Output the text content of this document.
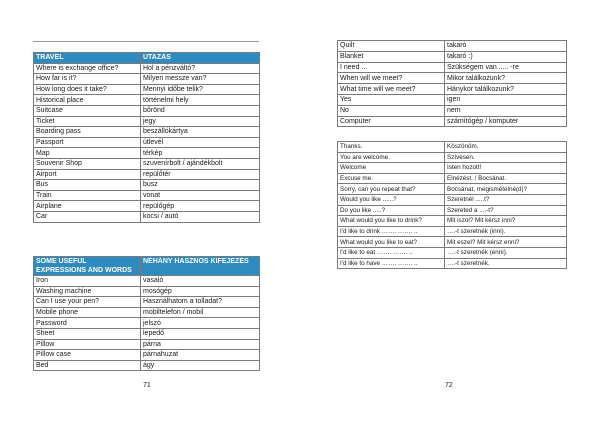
TRAVEL	UTAZÁS
Where is exchange office?	Hol a pénzváltó?
How far is it?	Milyen messze van?
How long does it take?	Mennyi időbe telik?
Historical place	történelmi hely
Suitcase	bőrönd
Ticket	jegy
Boarding pass	beszállókártya
Passport	útlevél
Map	térkép
Souvenir Shop	szuvenírbolt / ajándékbolt
Airport	repülőtér
Bus	busz
Train	vonat
Airplane	repülőgép
Car	kocsi / autó
SOME USEFUL EXPRESSIONS AND WORDS	NÉHÁNY HASZNOS KIFEJEZÉS
Iron	vasaló
Washing machine	mosógép
Can I use your pen?	Használhatom a tolladat?
Mobile phone	mobiltelefon / mobil
Password	jelszó
Sheet	lepedő
Pillow	párna
Pillow case	párnahuzat
Bed	ágy
71
Quilt	takaró
Blanket	takaró :)
I need ...	Szükségem van ..... -re
When will we meet?	Mikor találkozunk?
What time will we meet?	Hánykor találkozunk?
Yes	igen
No	nem
Computer	számítógép / komputer
Thanks.	Köszönöm.
You are welcome.	Szívesen.
Welcome	Isten hozott!
Excuse me.	Elnézést. / Bocsánat.
Sorry, can you repeat that?	Bocsánat, megismételné(d)?
Would you like ......?	Szeretnél .....t?
Do you like .....?	Szereted a ....-t?
What would you like to drink?	Mit iszol? Mit kérsz inni?
I'd like to drink ……. ……. ..	….-t szeretnék (inni).
What would you like to eat?	Mit eszel? Mit kérsz enni?
I'd like to eat ……. ……. ..	….-t szeretnék (enni).
I'd like to have ……. ……. ..	….-t szeretnék.
72
